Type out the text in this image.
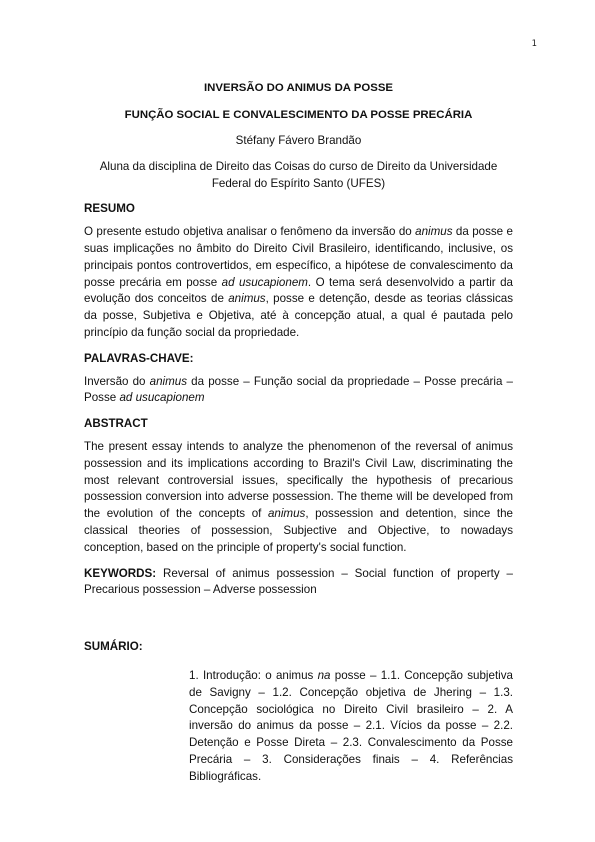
1
INVERSÃO DO ANIMUS DA POSSE
FUNÇÃO SOCIAL E CONVALESCIMENTO DA POSSE PRECÁRIA
Stéfany Fávero Brandão
Aluna da disciplina de Direito das Coisas do curso de Direito da Universidade Federal do Espírito Santo (UFES)
RESUMO

O presente estudo objetiva analisar o fenômeno da inversão do animus da posse e suas implicações no âmbito do Direito Civil Brasileiro, identificando, inclusive, os principais pontos controvertidos, em específico, a hipótese de convalescimento da posse precária em posse ad usucapionem. O tema será desenvolvido a partir da evolução dos conceitos de animus, posse e detenção, desde as teorias clássicas da posse, Subjetiva e Objetiva, até à concepção atual, a qual é pautada pelo princípio da função social da propriedade.

PALAVRAS-CHAVE:

Inversão do animus da posse – Função social da propriedade – Posse precária – Posse ad usucapionem

ABSTRACT

The present essay intends to analyze the phenomenon of the reversal of animus possession and its implications according to Brazil's Civil Law, discriminating the most relevant controversial issues, specifically the hypothesis of precarious possession conversion into adverse possession. The theme will be developed from the evolution of the concepts of animus, possession and detention, since the classical theories of possession, Subjective and Objective, to nowadays conception, based on the principle of property's social function.

KEYWORDS: Reversal of animus possession – Social function of property – Precarious possession – Adverse possession

SUMÁRIO:
1. Introdução: o animus na posse – 1.1. Concepção subjetiva de Savigny – 1.2. Concepção objetiva de Jhering – 1.3. Concepção sociológica no Direito Civil brasileiro – 2. A inversão do animus da posse – 2.1. Vícios da posse – 2.2. Detenção e Posse Direta – 2.3. Convalescimento da Posse Precária – 3. Considerações finais – 4. Referências Bibliográficas.
